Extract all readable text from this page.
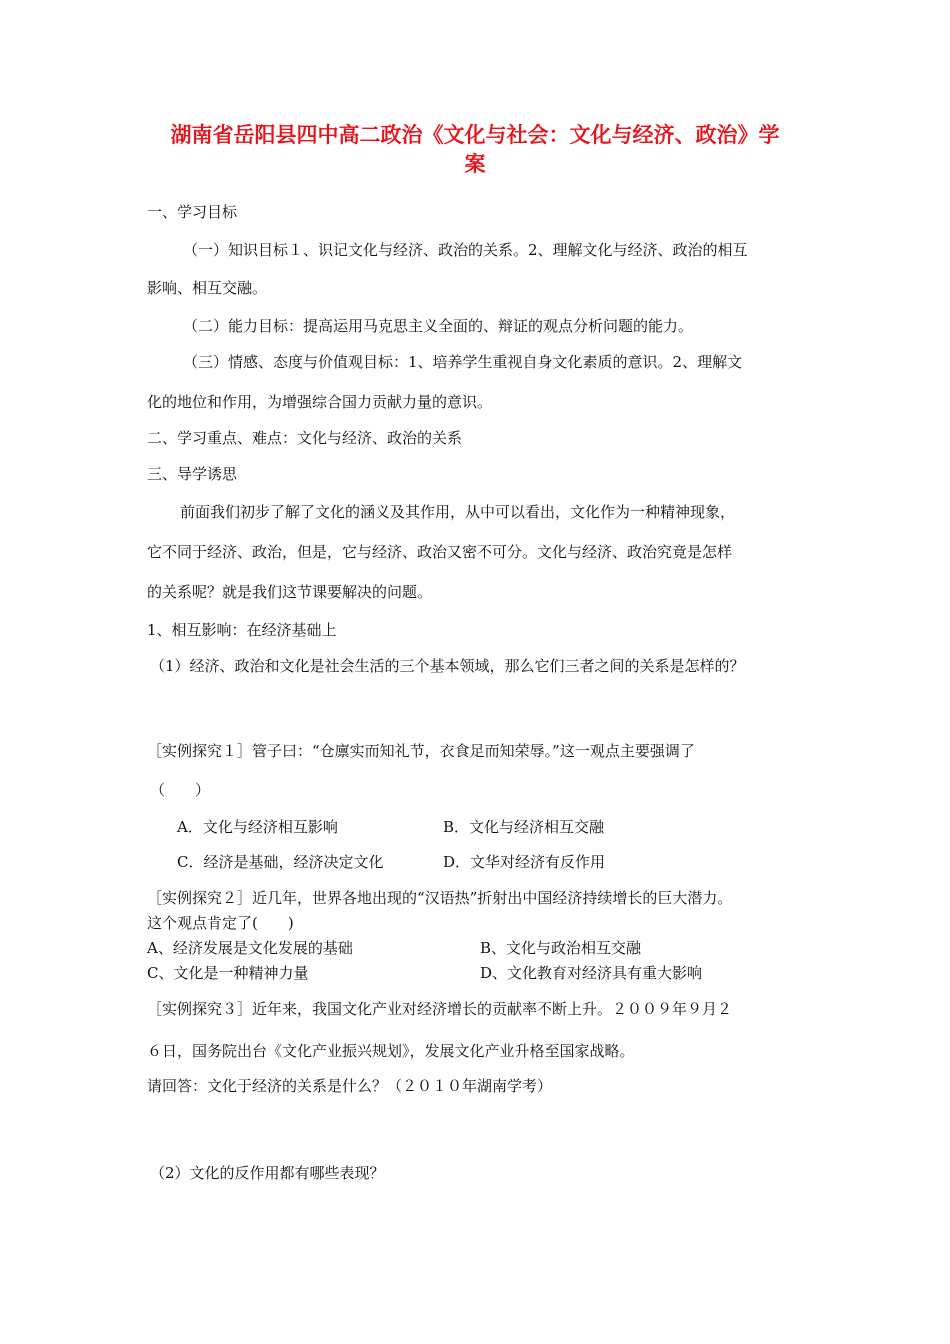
湖南省岳阳县四中高二政治《文化与社会：文化与经济、政治》学
案
一、学习目标
（一）知识目标１、识记文化与经济、政治的关系。2、理解文化与经济、政治的相互
影响、相互交融。
（二）能力目标：提高运用马克思主义全面的、辩证的观点分析问题的能力。
（三）情感、态度与价值观目标：1、培养学生重视自身文化素质的意识。2、理解文
化的地位和作用，为增强综合国力贡献力量的意识。
二、学习重点、难点：文化与经济、政治的关系
三、导学诱思
前面我们初步了解了文化的涵义及其作用，从中可以看出，文化作为一种精神现象，
它不同于经济、政治，但是，它与经济、政治又密不可分。文化与经济、政治究竟是怎样
的关系呢？就是我们这节课要解决的问题。
1、相互影响：在经济基础上
（1）经济、政治和文化是社会生活的三个基本领域，那么它们三者之间的关系是怎样的？
［实例探究１］管子曰：“仓廪实而知礼节，衣食足而知荣辱。”这一观点主要强调了
（　　）
A．文化与经济相互影响	B．文化与经济相互交融
C．经济是基础，经济决定文化	D．文华对经济有反作用
［实例探究２］近几年，世界各地出现的“汉语热”折射出中国经济持续增长的巨大潜力。
这个观点肯定了(　　)
A、经济发展是文化发展的基础	B、文化与政治相互交融
C、文化是一种精神力量	D、文化教育对经济具有重大影响
［实例探究３］近年来，我国文化产业对经济增长的贡献率不断上升。２００９年９月２
６日，国务院出台《文化产业振兴规划》，发展文化产业升格至国家战略。
请回答：文化于经济的关系是什么？（２０１０年湖南学考）
（2）文化的反作用都有哪些表现？
